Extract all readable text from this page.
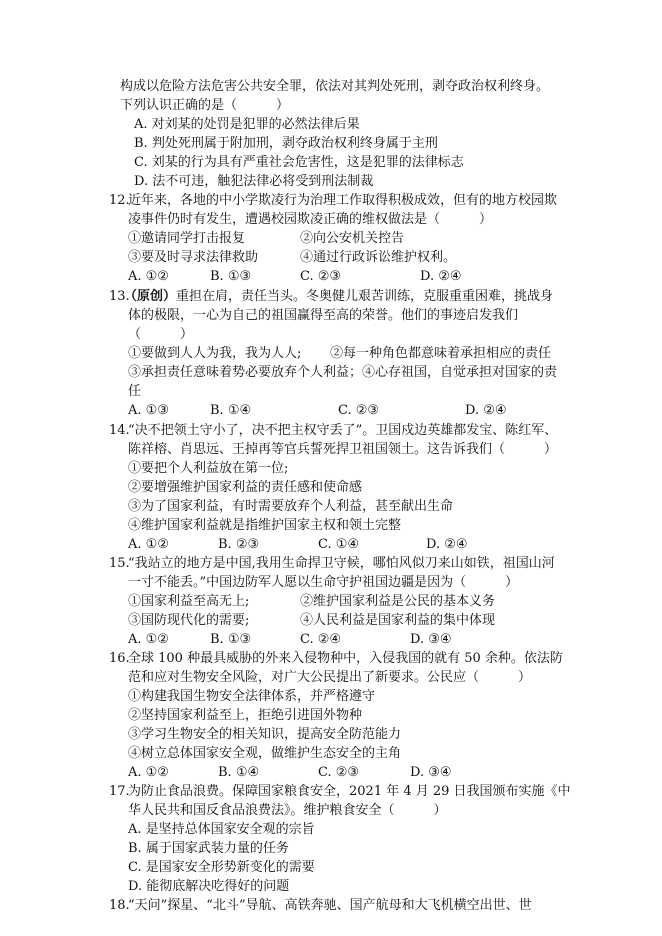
构成以危险方法危害公共安全罪，依法对其判处死刑，剥夺政治权利终身。
下列认识正确的是（　　　）
A. 对刘某的处罚是犯罪的必然法律后果
B. 判处死刑属于附加刑，剥夺政治权利终身属于主刑
C. 刘某的行为具有严重社会危害性，这是犯罪的法律标志
D. 法不可违，触犯法律必将受到刑法制裁
12.
近年来，各地的中小学欺凌行为治理工作取得积极成效，但有的地方校园欺
凌事件仍时有发生，遭遇校园欺凌正确的维权做法是（　　　）
①邀请同学打击报复	②向公安机关控告
③要及时寻求法律救助	④通过行政诉讼维护权利。
A. ①②	B. ①③	C. ②③	D. ②④
13.
（原创） 重担在肩，责任当头。冬奥健儿艰苦训练，克服重重困难，挑战身
体的极限，一心为自己的祖国赢得至高的荣誉。他们的事迹启发我们
（　　　）
①要做到人人为我，我为人人; ②每一种角色都意味着承担相应的责任
③承担责任意味着势必要放弃个人利益；④心存祖国，自觉承担对国家的责
任
A. ①③	B. ①④	C. ②③	D. ②④
14.
“决不把领土守小了，决不把主权守丢了”。卫国戍边英雄都发宝、陈红军、
陈祥榕、肖思远、王掉再等官兵誓死捍卫祖国领土。这告诉我们（　　　）
①要把个人利益放在第一位;
②要增强维护国家利益的责任感和使命感
③为了国家利益，有时需要放弃个人利益，甚至献出生命
④维护国家利益就是指维护国家主权和领土完整
A. ①②	B. ②③	C. ①④	D. ②④
15.
“我站立的地方是中国,我用生命捍卫守候，哪怕风似刀来山如铁，祖国山河
一寸不能丢。”中国边防军人愿以生命守护祖国边疆是因为（　　　）
①国家利益至高无上;	②维护国家利益是公民的基本义务
③国防现代化的需要;	④人民利益是国家利益的集中体现
A. ①②	B. ①③	C. ②④	D. ③④
16.
全球 100 种最具威胁的外来入侵物种中，入侵我国的就有 50 余种。依法防
范和应对生物安全风险，对广大公民提出了新要求。公民应（　　　）
①构建我国生物安全法律体系，并严格遵守
②坚持国家利益至上，拒绝引进国外物种
③学习生物安全的相关知识，提高安全防范能力
④树立总体国家安全观，做维护生态安全的主角
A. ①②	B. ①④	C. ②③	D. ③④
17.
为防止食品浪费。保障国家粮食安全，2021 年 4 月 29 日我国颁布实施《中
华人民共和国反食品浪费法》。维护粮食安全（　　　）
A. 是坚持总体国家安全观的宗旨
B. 属于国家武装力量的任务
C. 是国家安全形势新变化的需要
D. 能彻底解决吃得好的问题
18.
“天问”探星、“北斗”导航、高铁奔驰、国产航母和大飞机横空出世、世
